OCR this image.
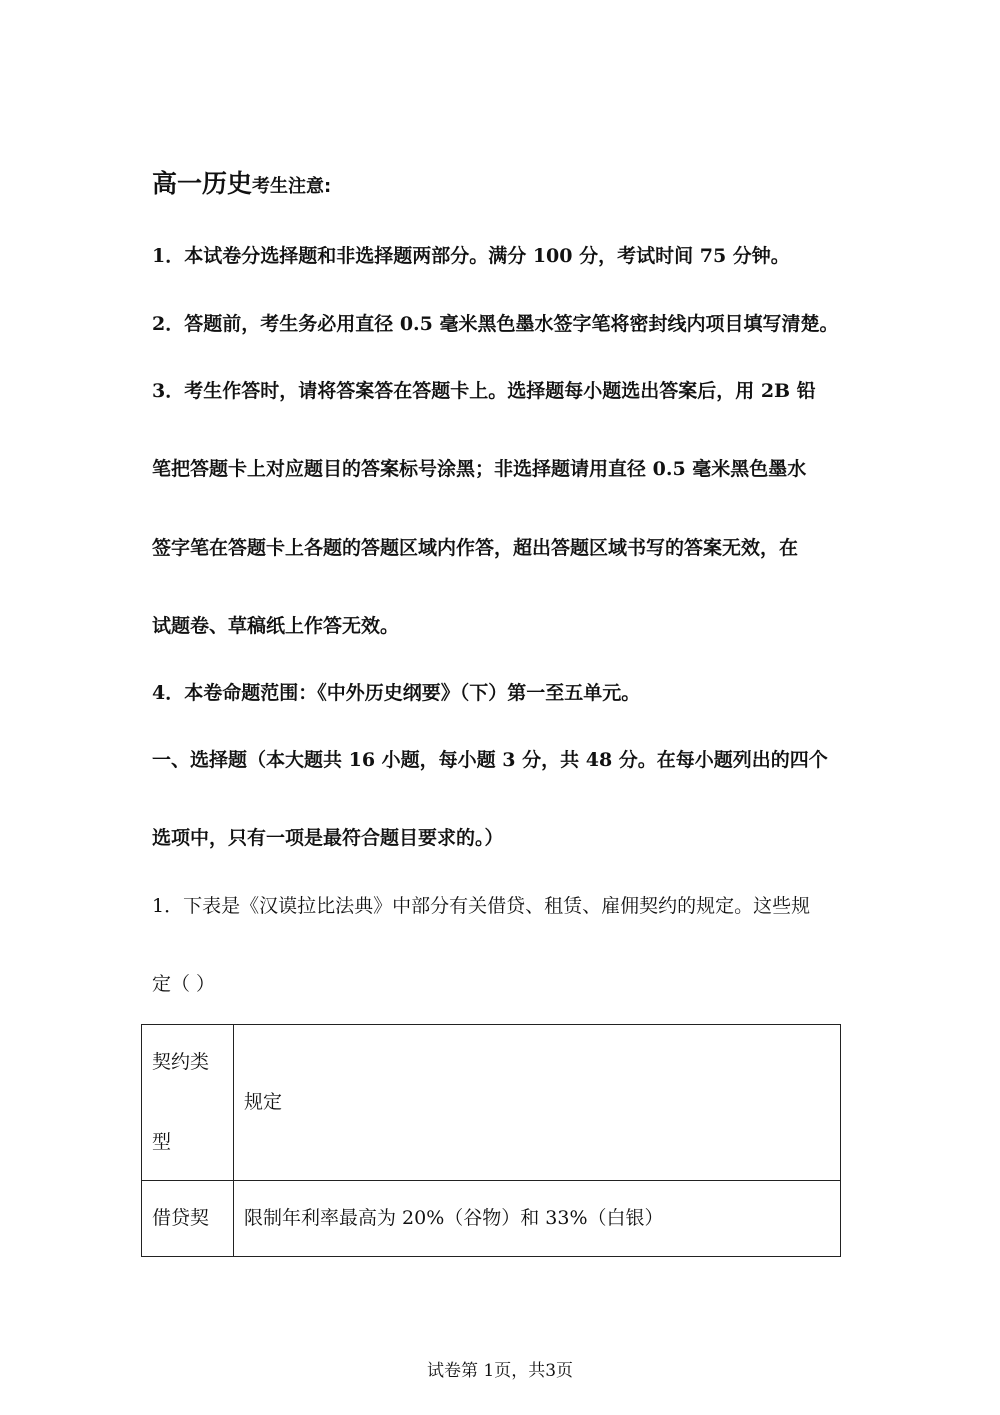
高一历史考生注意:
1．本试卷分选择题和非选择题两部分。满分 100 分，考试时间 75 分钟。
2．答题前，考生务必用直径 0.5 毫米黑色墨水签字笔将密封线内项目填写清楚。
3．考生作答时，请将答案答在答题卡上。选择题每小题选出答案后，用 2B 铅
笔把答题卡上对应题目的答案标号涂黑；非选择题请用直径 0.5 毫米黑色墨水
签字笔在答题卡上各题的答题区域内作答，超出答题区域书写的答案无效，在
试题卷、草稿纸上作答无效。
4．本卷命题范围：《中外历史纲要》（下）第一至五单元。
一、选择题（本大题共 16 小题，每小题 3 分，共 48 分。在每小题列出的四个
选项中，只有一项是最符合题目要求的。）
1．下表是《汉谟拉比法典》中部分有关借贷、租赁、雇佣契约的规定。这些规
定（ ）
契约类
型	规定

借贷契	限制年利率最高为 20%（谷物）和 33%（白银）
试卷第 1页，共3页
